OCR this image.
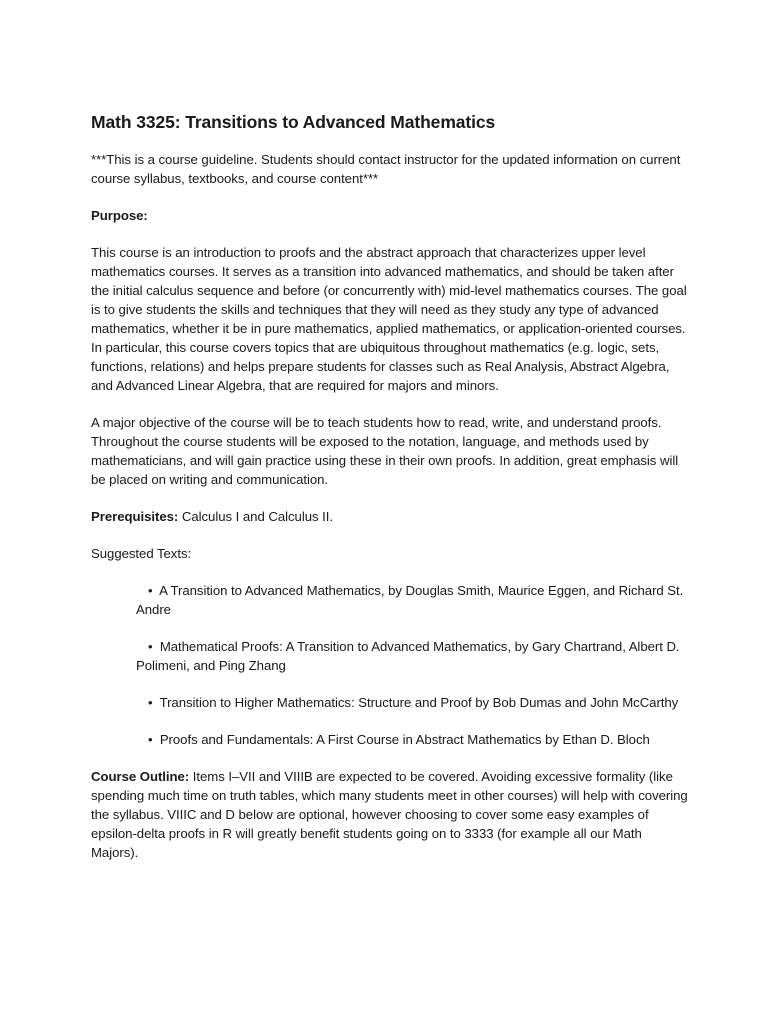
Math 3325: Transitions to Advanced Mathematics

***This is a course guideline. Students should contact instructor for the updated information on current course syllabus, textbooks, and course content***

Purpose:

This course is an introduction to proofs and the abstract approach that characterizes upper level mathematics courses. It serves as a transition into advanced mathematics, and should be taken after the initial calculus sequence and before (or concurrently with) mid-level mathematics courses. The goal is to give students the skills and techniques that they will need as they study any type of advanced mathematics, whether it be in pure mathematics, applied mathematics, or application-oriented courses. In particular, this course covers topics that are ubiquitous throughout mathematics (e.g. logic, sets, functions, relations) and helps prepare students for classes such as Real Analysis, Abstract Algebra, and Advanced Linear Algebra, that are required for majors and minors.

A major objective of the course will be to teach students how to read, write, and understand proofs. Throughout the course students will be exposed to the notation, language, and methods used by mathematicians, and will gain practice using these in their own proofs. In addition, great emphasis will be placed on writing and communication.

Prerequisites: Calculus I and Calculus II.

Suggested Texts:

• A Transition to Advanced Mathematics, by Douglas Smith, Maurice Eggen, and Richard St. Andre
• Mathematical Proofs: A Transition to Advanced Mathematics, by Gary Chartrand, Albert D. Polimeni, and Ping Zhang
• Transition to Higher Mathematics: Structure and Proof by Bob Dumas and John McCarthy
• Proofs and Fundamentals: A First Course in Abstract Mathematics by Ethan D. Bloch

Course Outline: Items I–VII and VIIIB are expected to be covered. Avoiding excessive formality (like spending much time on truth tables, which many students meet in other courses) will help with covering the syllabus. VIIIC and D below are optional, however choosing to cover some easy examples of epsilon-delta proofs in R will greatly benefit students going on to 3333 (for example all our Math Majors).
